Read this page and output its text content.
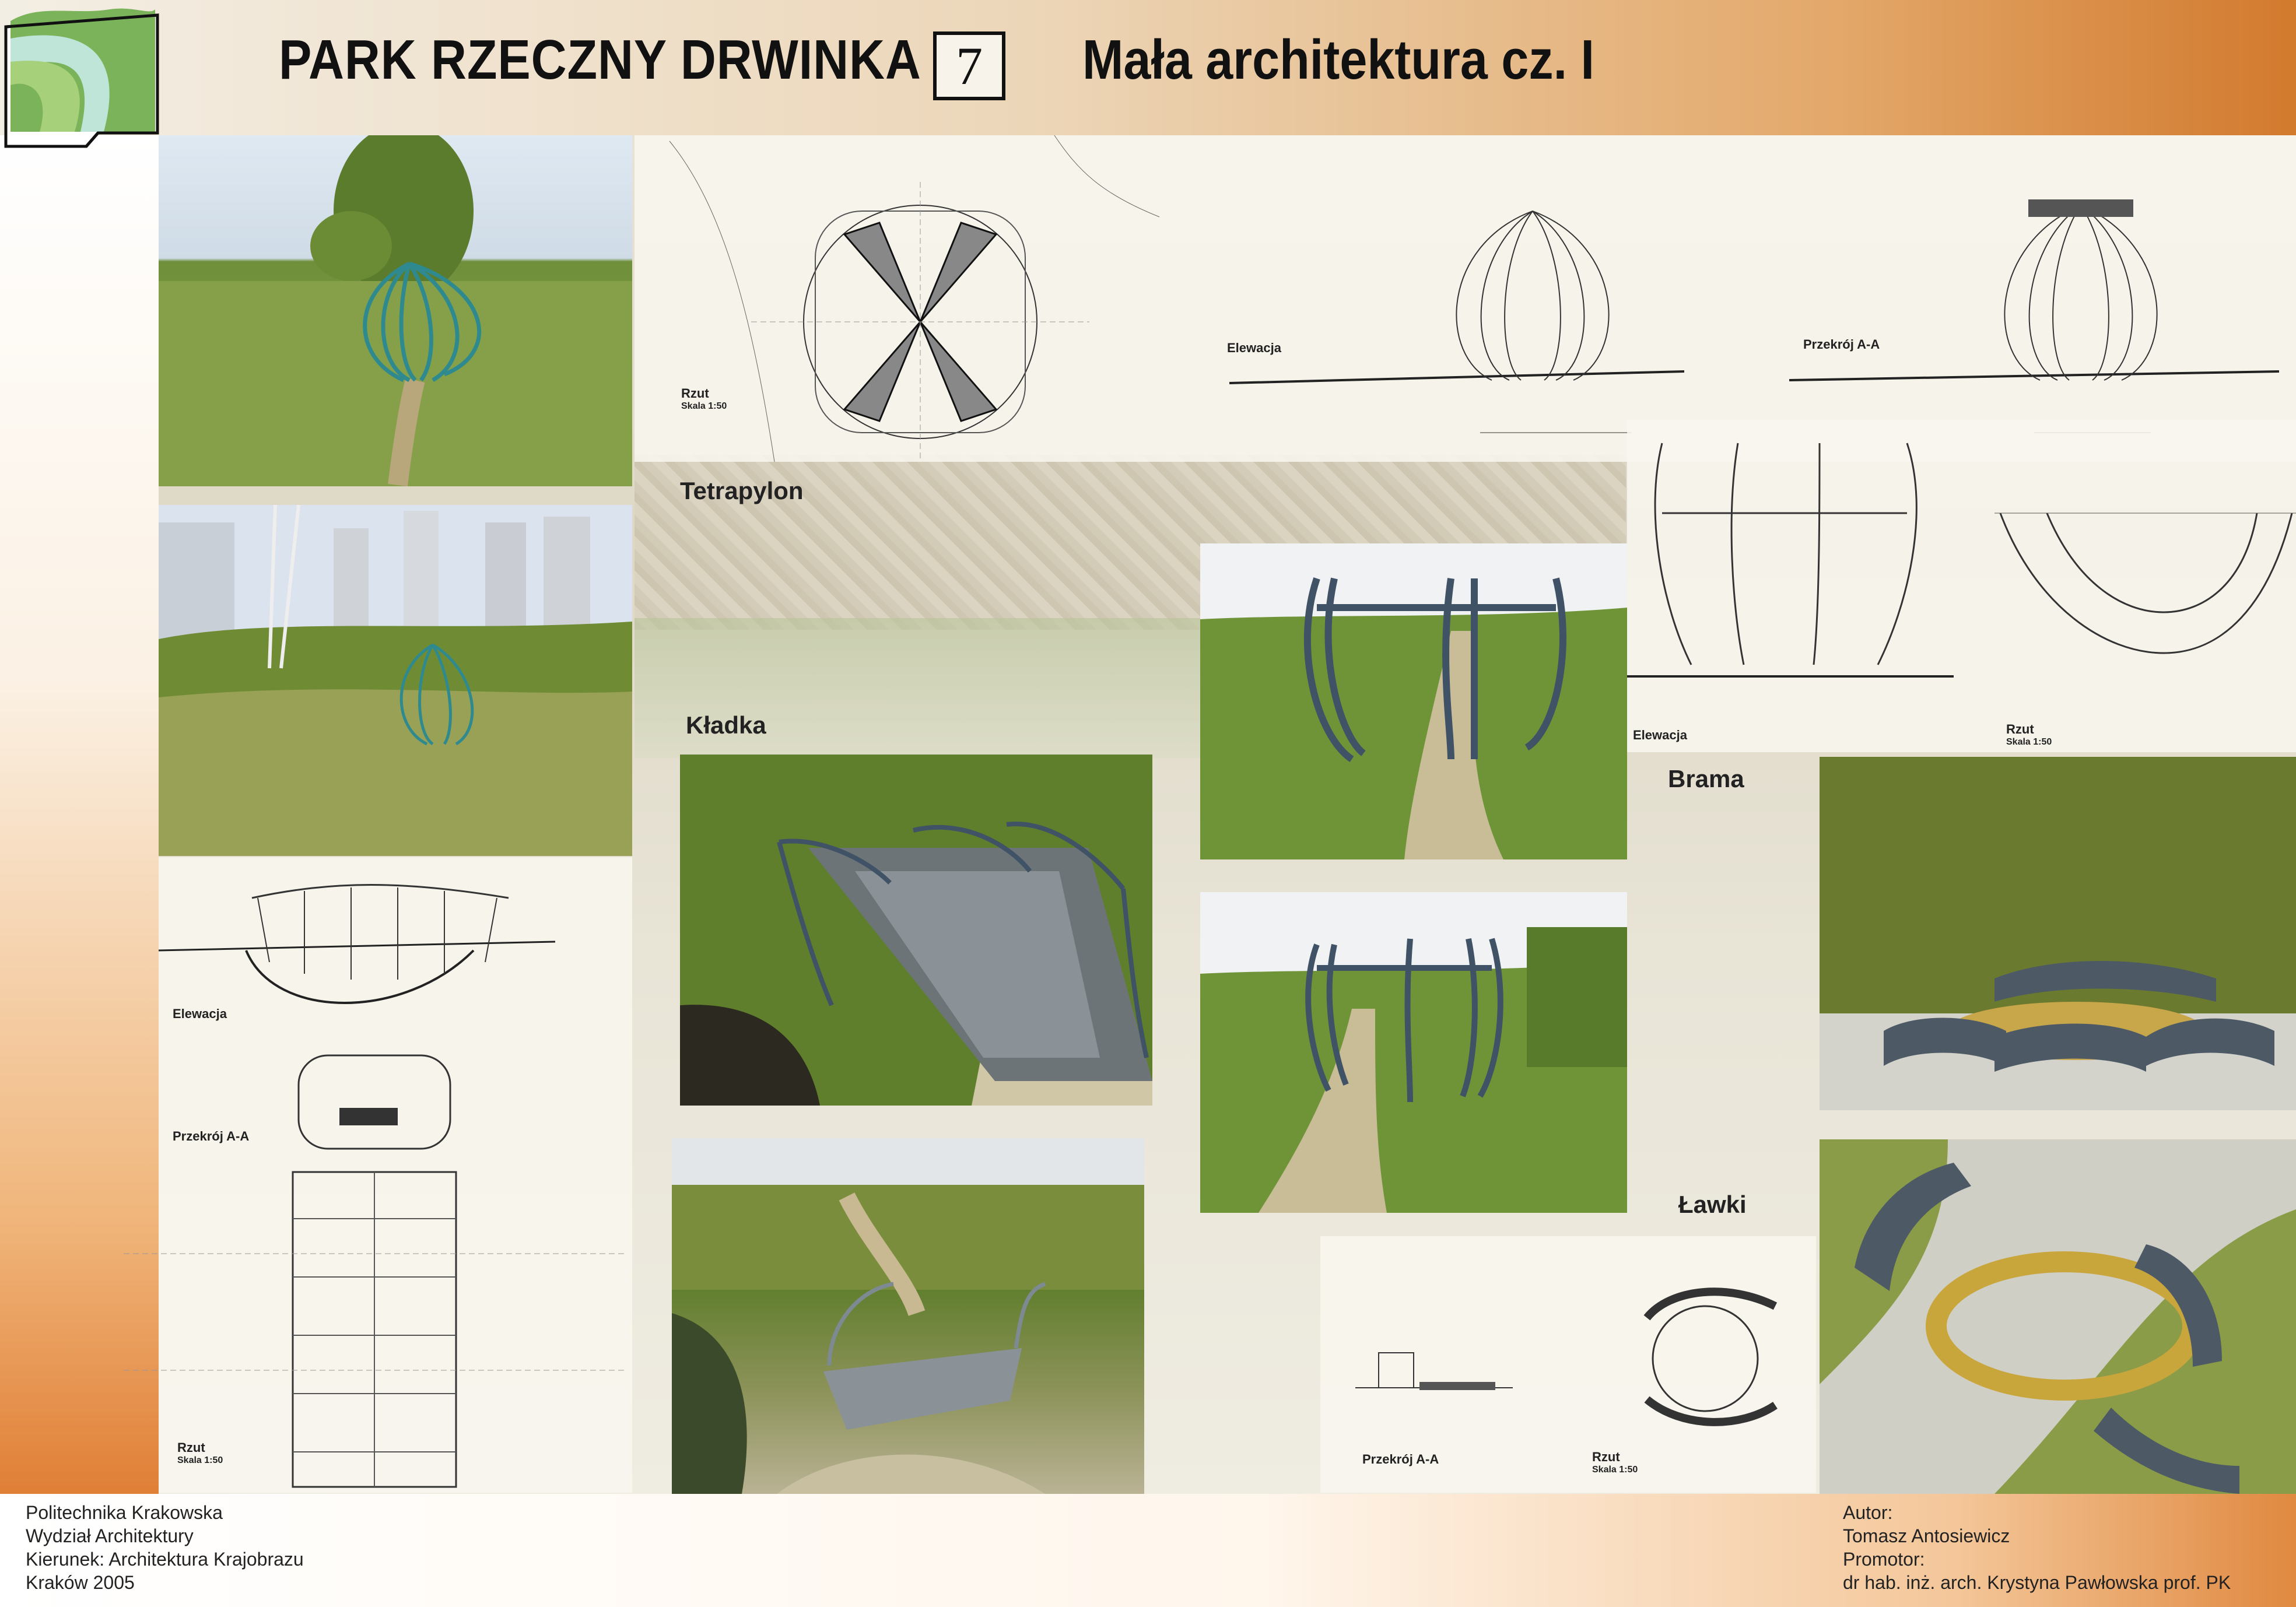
PARK RZECZNY DRWINKA 7	Mała architektura cz. I
Rzut
Skala 1:50
Tetrapylon
Elewacja	Przekrój A-A
Kładka
Elewacja
Przekrój A-A
Rzut
Skala 1:50
Elewacja	Rzut
Skala 1:50
Brama
Ławki
Przekrój A-A	Rzut
Skala 1:50
Politechnika Krakowska
Wydział Architektury
Kierunek: Architektura Krajobrazu
Kraków 2005
Autor:
Tomasz Antosiewicz
Promotor:
dr hab. inż. arch. Krystyna Pawłowska prof. PK
